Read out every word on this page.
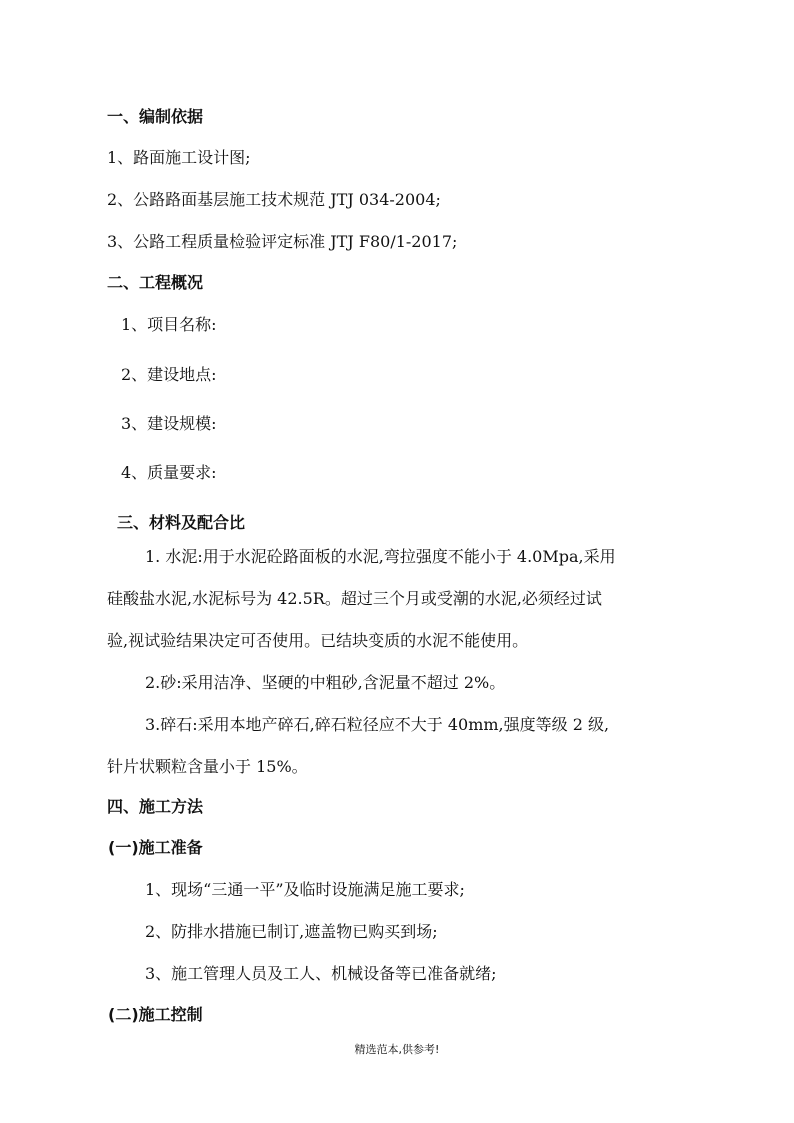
一、编制依据

1、路面施工设计图;

2、公路路面基层施工技术规范 JTJ 034-2004;

3、公路工程质量检验评定标准 JTJ F80/1-2017;

二、工程概况

1、项目名称:

2、建设地点:

3、建设规模:

4、质量要求:

三、材料及配合比

1. 水泥:用于水泥砼路面板的水泥,弯拉强度不能小于 4.0Mpa,采用

硅酸盐水泥,水泥标号为 42.5R。超过三个月或受潮的水泥,必须经过试

验,视试验结果决定可否使用。已结块变质的水泥不能使用。

2.砂:采用洁净、坚硬的中粗砂,含泥量不超过 2%。

3.碎石:采用本地产碎石,碎石粒径应不大于 40mm,强度等级 2 级,

针片状颗粒含量小于 15%。

四、施工方法

(一)施工准备

1、现场“三通一平”及临时设施满足施工要求;

2、防排水措施已制订,遮盖物已购买到场;

3、施工管理人员及工人、机械设备等已准备就绪;

(二)施工控制

精选范本,供参考!
